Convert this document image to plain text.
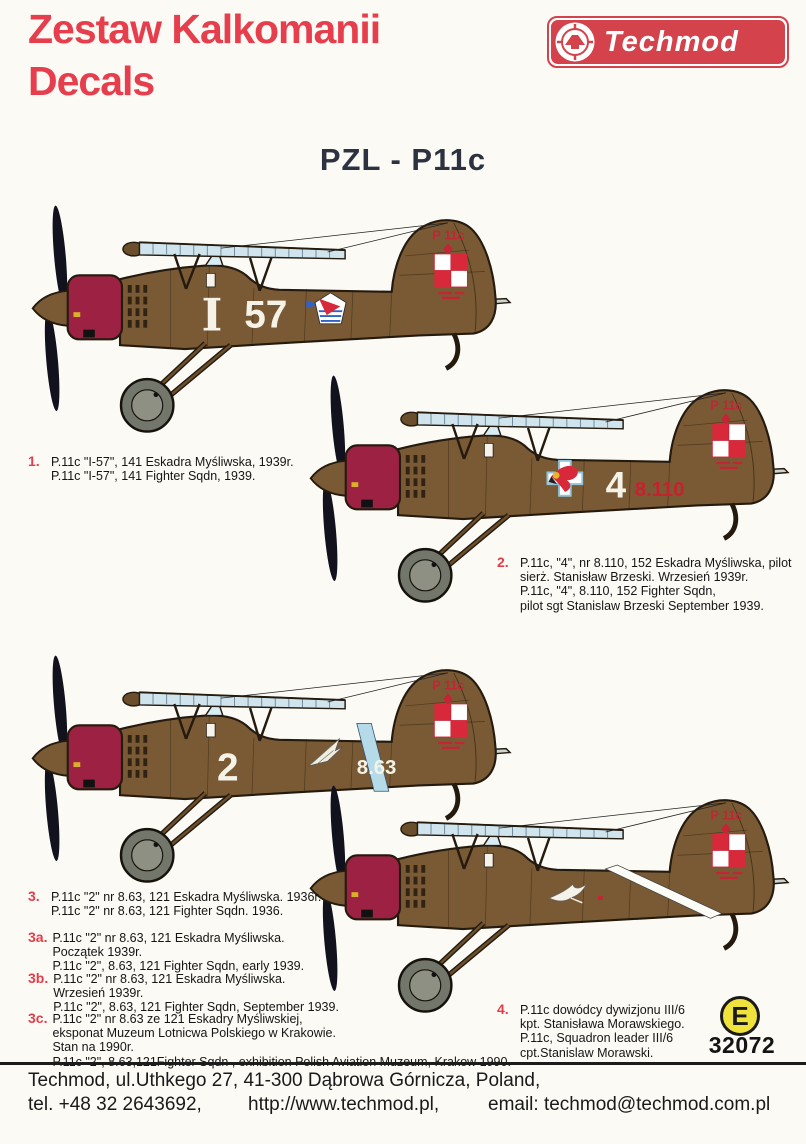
Zestaw Kalkomanii
Decals
Techmod
PZL - P11c
P 11c
I 57
P 11c
4 8.110
P 11c
2	8.63
P 11c
1. P.11c "I-57", 141 Eskadra Myśliwska, 1939r.
P.11c "I-57", 141 Fighter Sqdn, 1939.
2. P.11c, "4", nr 8.110, 152 Eskadra Myśliwska, pilot
sierż. Stanisław Brzeski. Wrzesień 1939r.
P.11c, "4", 8.110, 152 Fighter Sqdn,
pilot sgt Stanislaw Brzeski September 1939.
3. P.11c "2" nr 8.63, 121 Eskadra Myśliwska. 1936r.
P.11c "2" nr 8.63, 121 Fighter Sqdn. 1936.
3a. P.11c "2" nr 8.63, 121 Eskadra Myśliwska.
Początek 1939r.
P.11c "2", 8.63, 121 Fighter Sqdn, early 1939.
3b. P.11c "2" nr 8.63, 121 Eskadra Myśliwska.
Wrzesień 1939r.
P.11c "2", 8.63, 121 Fighter Sqdn, September 1939.
3c. P.11c "2" nr 8.63 ze 121 Eskadry Myśliwskiej,
eksponat Muzeum Lotnicwa Polskiego w Krakowie.
Stan na 1990r.
4. P.11c dowódcy dywizjonu III/6
kpt. Stanisława Morawskiego.
P.11c, Squadron leader III/6
cpt.Stanislaw Morawski.
E
32072
Techmod, ul.Uthkego 27, 41-300 Dąbrowa Górnicza, Poland,
tel. +48 32 2643692, http://www.techmod.pl,	email: techmod@techmod.com.pl
